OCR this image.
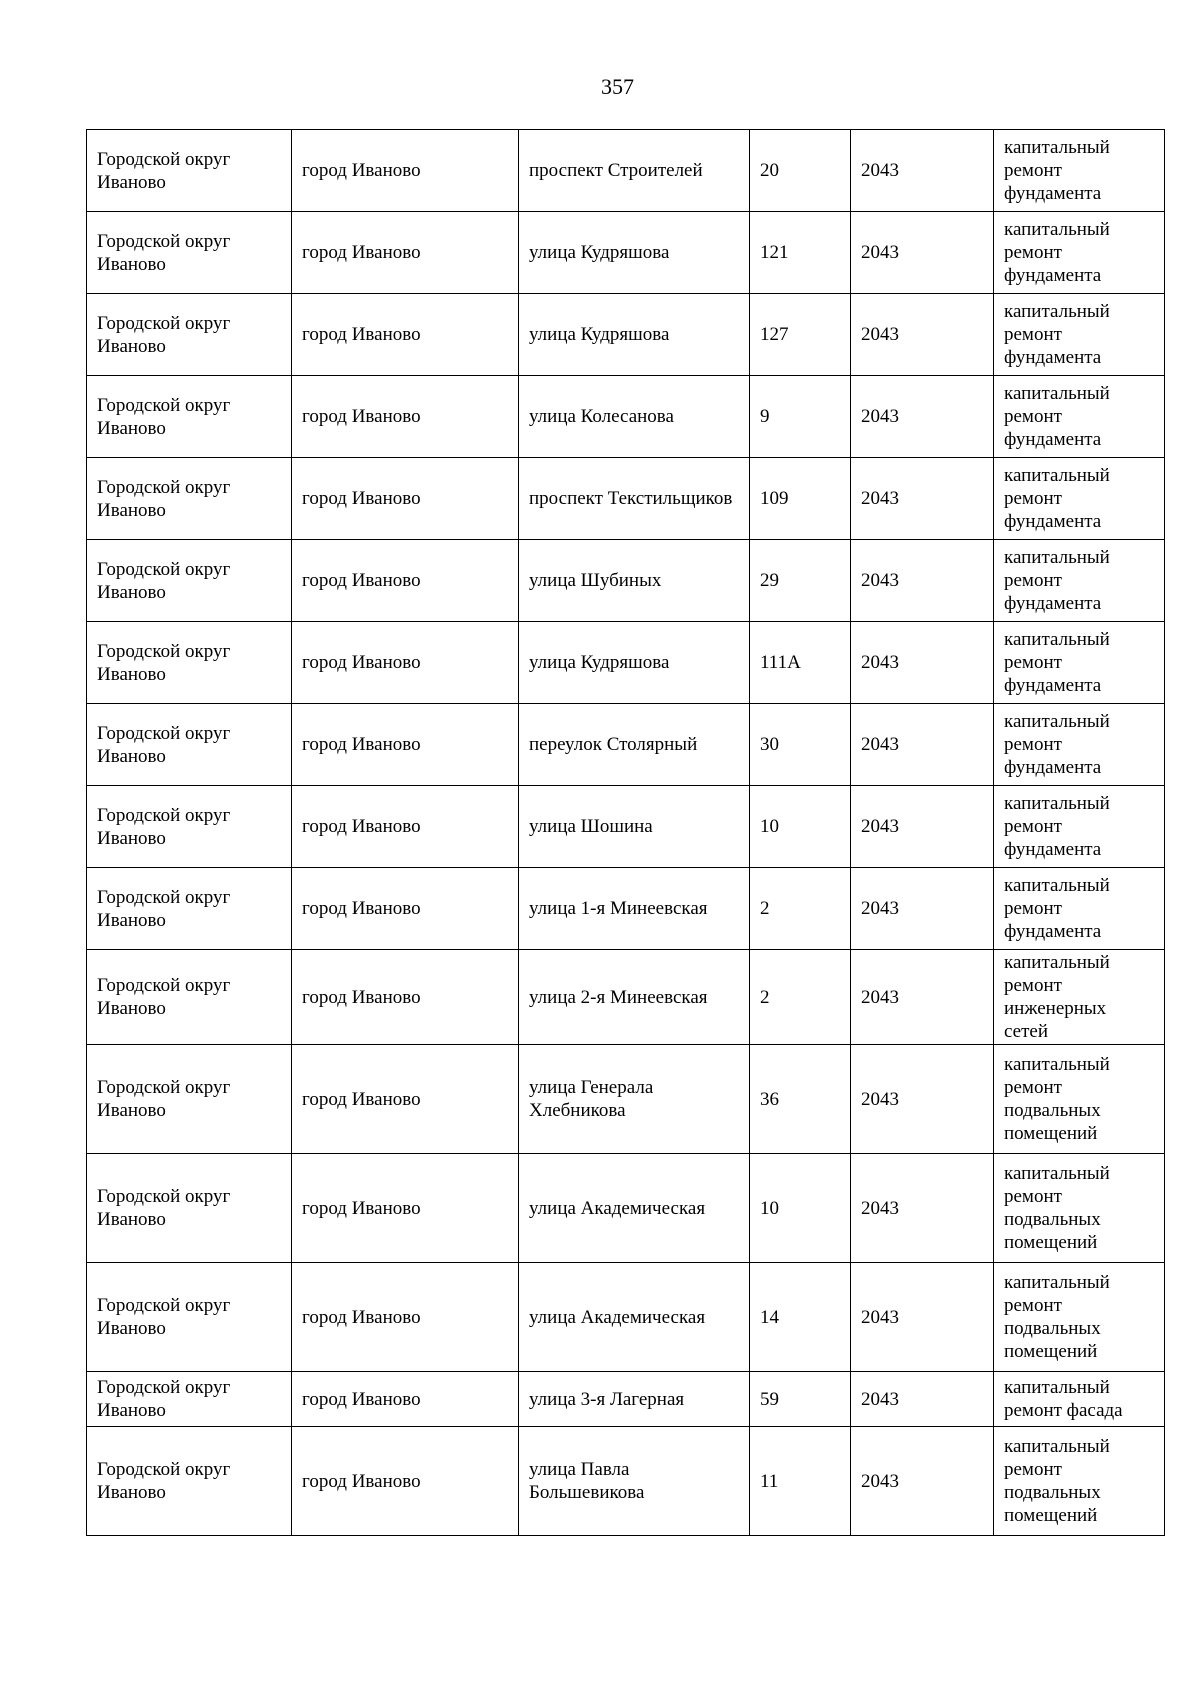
357
Городской округ Иваново	город Иваново	проспект Строителей	20	2043	капитальный ремонт фундамента
Городской округ Иваново	город Иваново	улица Кудряшова	121	2043	капитальный ремонт фундамента
Городской округ Иваново	город Иваново	улица Кудряшова	127	2043	капитальный ремонт фундамента
Городской округ Иваново	город Иваново	улица Колесанова	9	2043	капитальный ремонт фундамента
Городской округ Иваново	город Иваново	проспект Текстильщиков	109	2043	капитальный ремонт фундамента
Городской округ Иваново	город Иваново	улица Шубиных	29	2043	капитальный ремонт фундамента
Городской округ Иваново	город Иваново	улица Кудряшова	111А	2043	капитальный ремонт фундамента
Городской округ Иваново	город Иваново	переулок Столярный	30	2043	капитальный ремонт фундамента
Городской округ Иваново	город Иваново	улица Шошина	10	2043	капитальный ремонт фундамента
Городской округ Иваново	город Иваново	улица 1-я Минеевская	2	2043	капитальный ремонт фундамента
Городской округ Иваново	город Иваново	улица 2-я Минеевская	2	2043	капитальный ремонт инженерных сетей
Городской округ Иваново	город Иваново	улица Генерала Хлебникова	36	2043	капитальный ремонт подвальных помещений
Городской округ Иваново	город Иваново	улица Академическая	10	2043	капитальный ремонт подвальных помещений
Городской округ Иваново	город Иваново	улица Академическая	14	2043	капитальный ремонт подвальных помещений
Городской округ Иваново	город Иваново	улица 3-я Лагерная	59	2043	капитальный ремонт фасада
Городской округ Иваново	город Иваново	улица Павла Большевикова	11	2043	капитальный ремонт подвальных помещений
